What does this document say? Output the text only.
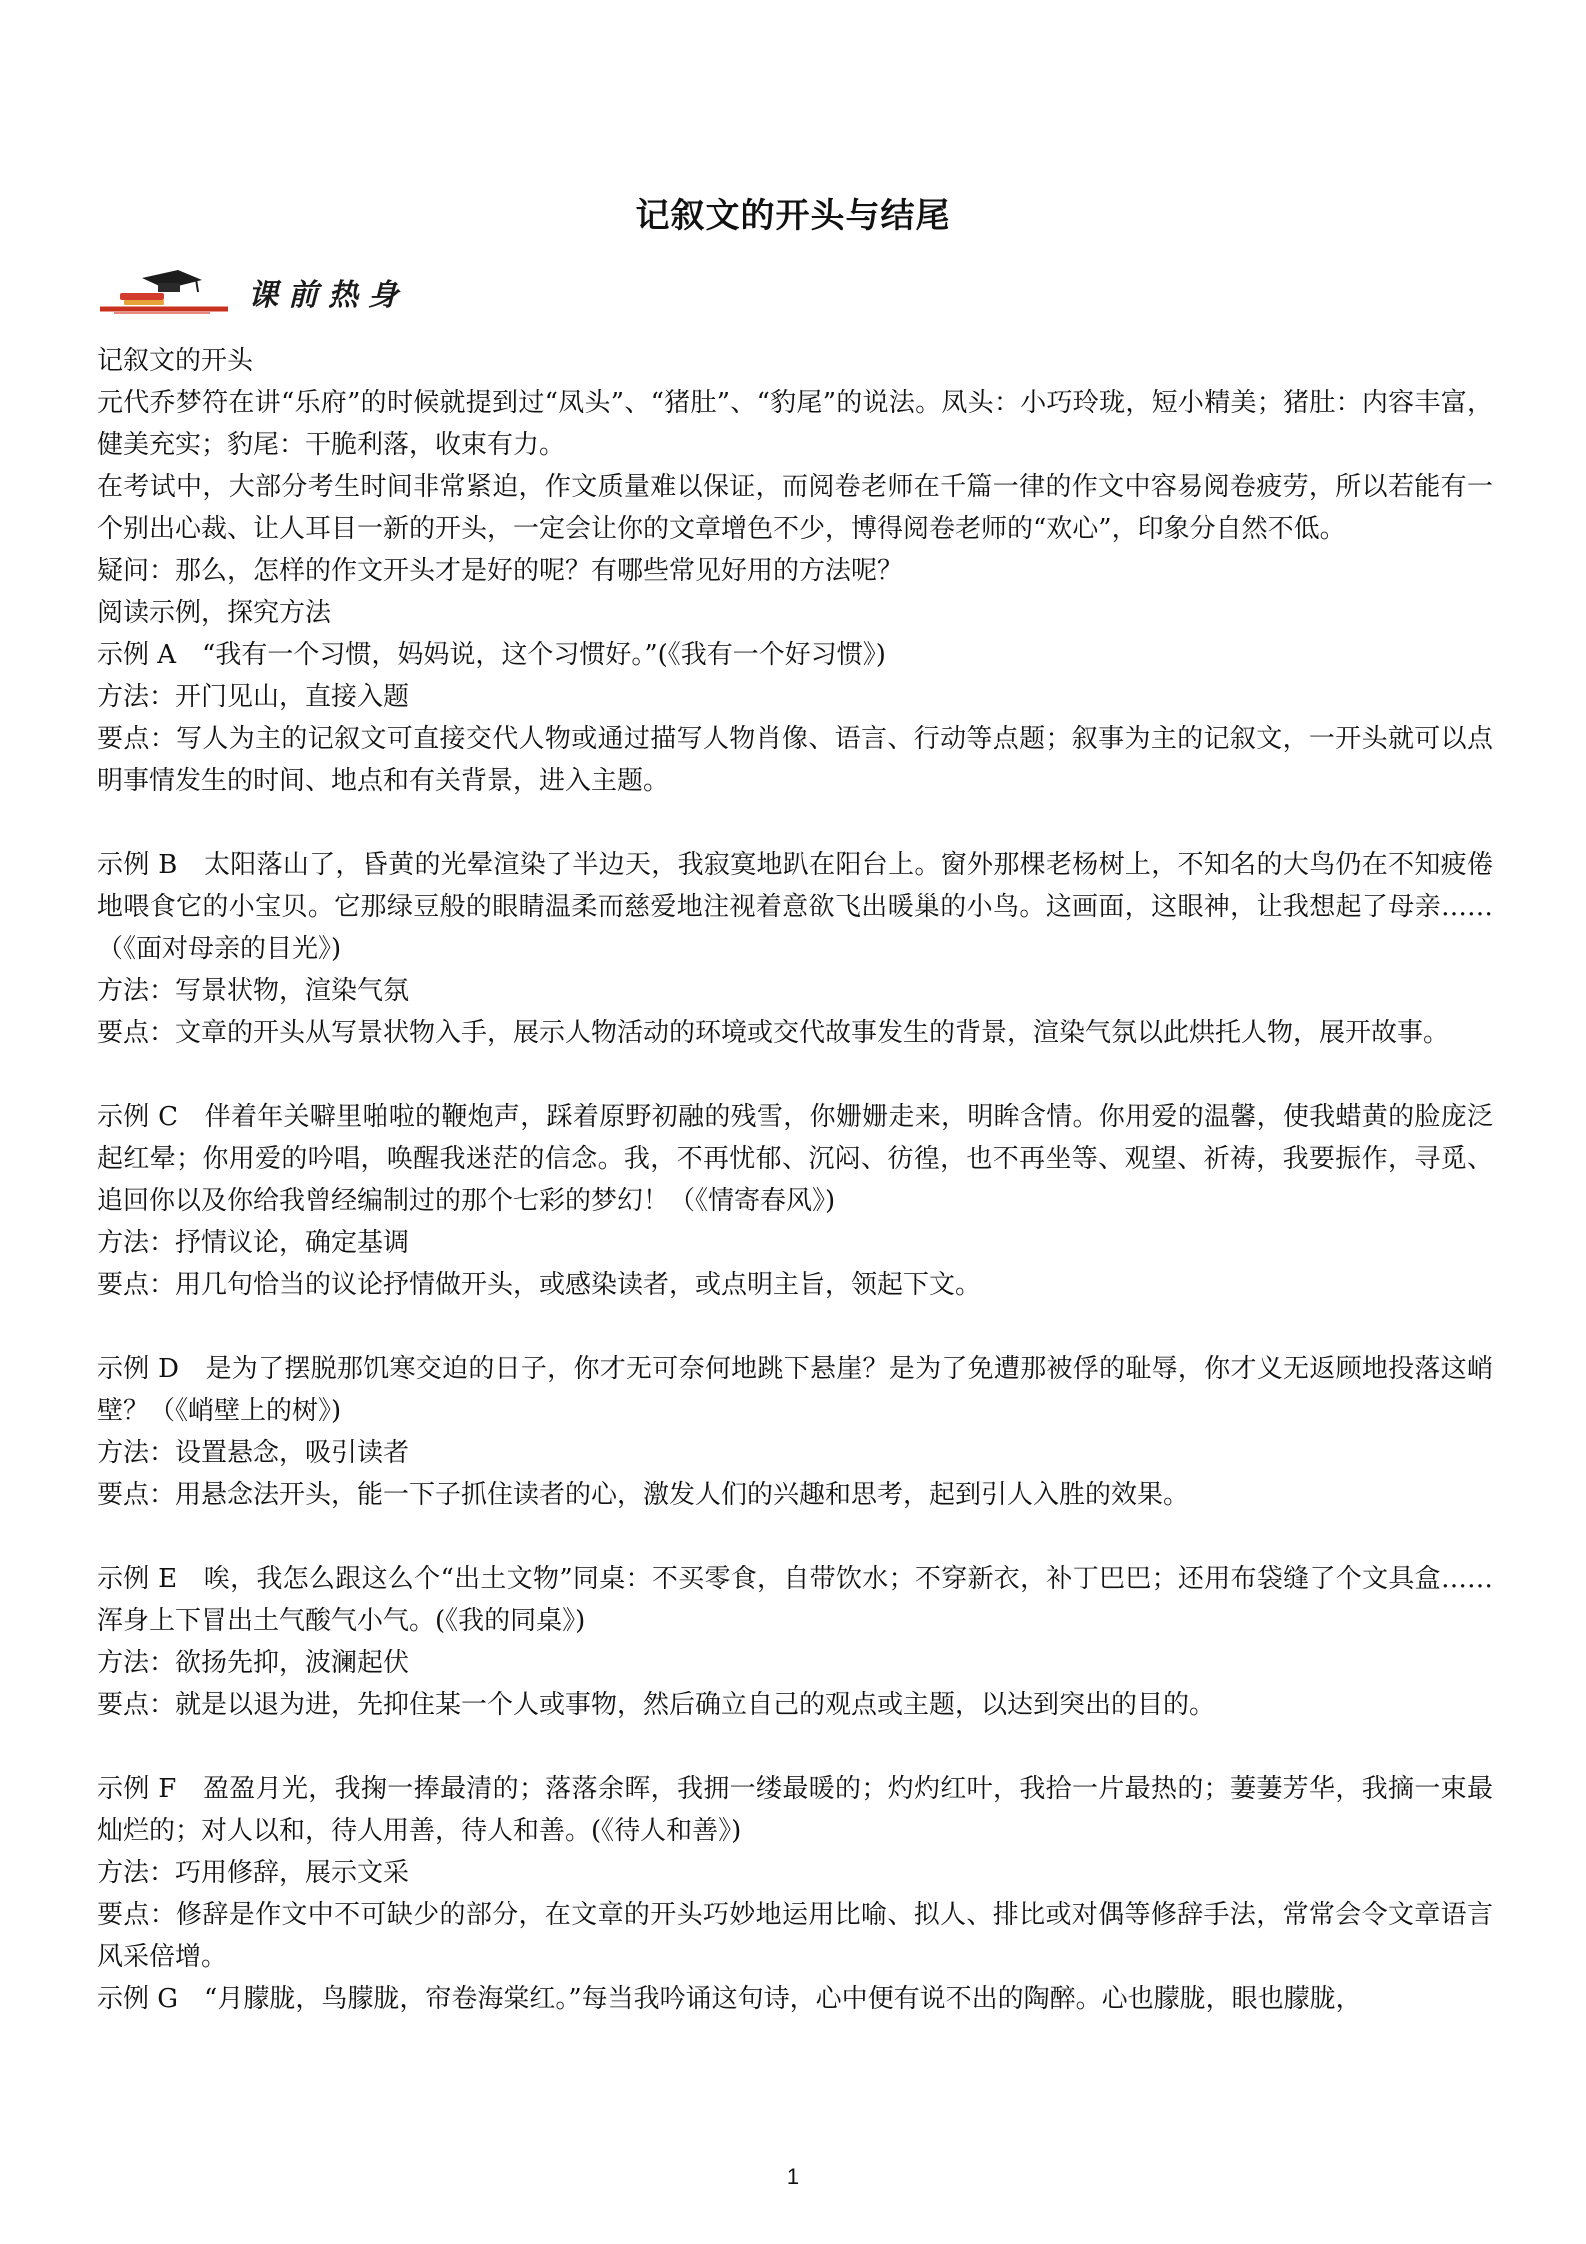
记叙文的开头与结尾
课前热身

记叙文的开头

元代乔梦符在讲“乐府”的时候就提到过“凤头”、“猪肚”、“豹尾”的说法。凤头：小巧玲珑，短小精美；猪肚：内容丰富，健美充实；豹尾：干脆利落，收束有力。

在考试中，大部分考生时间非常紧迫，作文质量难以保证，而阅卷老师在千篇一律的作文中容易阅卷疲劳，所以若能有一个别出心裁、让人耳目一新的开头，一定会让你的文章增色不少，博得阅卷老师的“欢心”，印象分自然不低。

疑问：那么，怎样的作文开头才是好的呢？有哪些常见好用的方法呢？

阅读示例，探究方法

示例 A　“我有一个习惯，妈妈说，这个习惯好。”(《我有一个好习惯》)

方法：开门见山，直接入题

要点：写人为主的记叙文可直接交代人物或通过描写人物肖像、语言、行动等点题；叙事为主的记叙文，一开头就可以点明事情发生的时间、地点和有关背景，进入主题。

示例 B　太阳落山了，昏黄的光晕渲染了半边天，我寂寞地趴在阳台上。窗外那棵老杨树上，不知名的大鸟仍在不知疲倦地喂食它的小宝贝。它那绿豆般的眼睛温柔而慈爱地注视着意欲飞出暖巢的小鸟。这画面，这眼神，让我想起了母亲……（《面对母亲的目光》)

方法：写景状物，渲染气氛

要点：文章的开头从写景状物入手，展示人物活动的环境或交代故事发生的背景，渲染气氛以此烘托人物，展开故事。

示例 C　伴着年关噼里啪啦的鞭炮声，踩着原野初融的残雪，你姗姗走来，明眸含情。你用爱的温馨，使我蜡黄的脸庞泛起红晕；你用爱的吟唱，唤醒我迷茫的信念。我，不再忧郁、沉闷、彷徨，也不再坐等、观望、祈祷，我要振作，寻觅、追回你以及你给我曾经编制过的那个七彩的梦幻！（《情寄春风》)

方法：抒情议论，确定基调

要点：用几句恰当的议论抒情做开头，或感染读者，或点明主旨，领起下文。

示例 D　是为了摆脱那饥寒交迫的日子，你才无可奈何地跳下悬崖？是为了免遭那被俘的耻辱，你才义无返顾地投落这峭壁？（《峭壁上的树》)

方法：设置悬念，吸引读者

要点：用悬念法开头，能一下子抓住读者的心，激发人们的兴趣和思考，起到引人入胜的效果。

示例 E　唉，我怎么跟这么个“出土文物”同桌：不买零食，自带饮水；不穿新衣，补丁巴巴；还用布袋缝了个文具盒……浑身上下冒出土气酸气小气。(《我的同桌》)

方法：欲扬先抑，波澜起伏

要点：就是以退为进，先抑住某一个人或事物，然后确立自己的观点或主题，以达到突出的目的。

示例 F　盈盈月光，我掬一捧最清的；落落余晖，我拥一缕最暖的；灼灼红叶，我拾一片最热的；萋萋芳华，我摘一束最灿烂的；对人以和，待人用善，待人和善。(《待人和善》)

方法：巧用修辞，展示文采

要点：修辞是作文中不可缺少的部分，在文章的开头巧妙地运用比喻、拟人、排比或对偶等修辞手法，常常会令文章语言风采倍增。

示例 G　“月朦胧，鸟朦胧，帘卷海棠红。”每当我吟诵这句诗，心中便有说不出的陶醉。心也朦胧，眼也朦胧，

1
